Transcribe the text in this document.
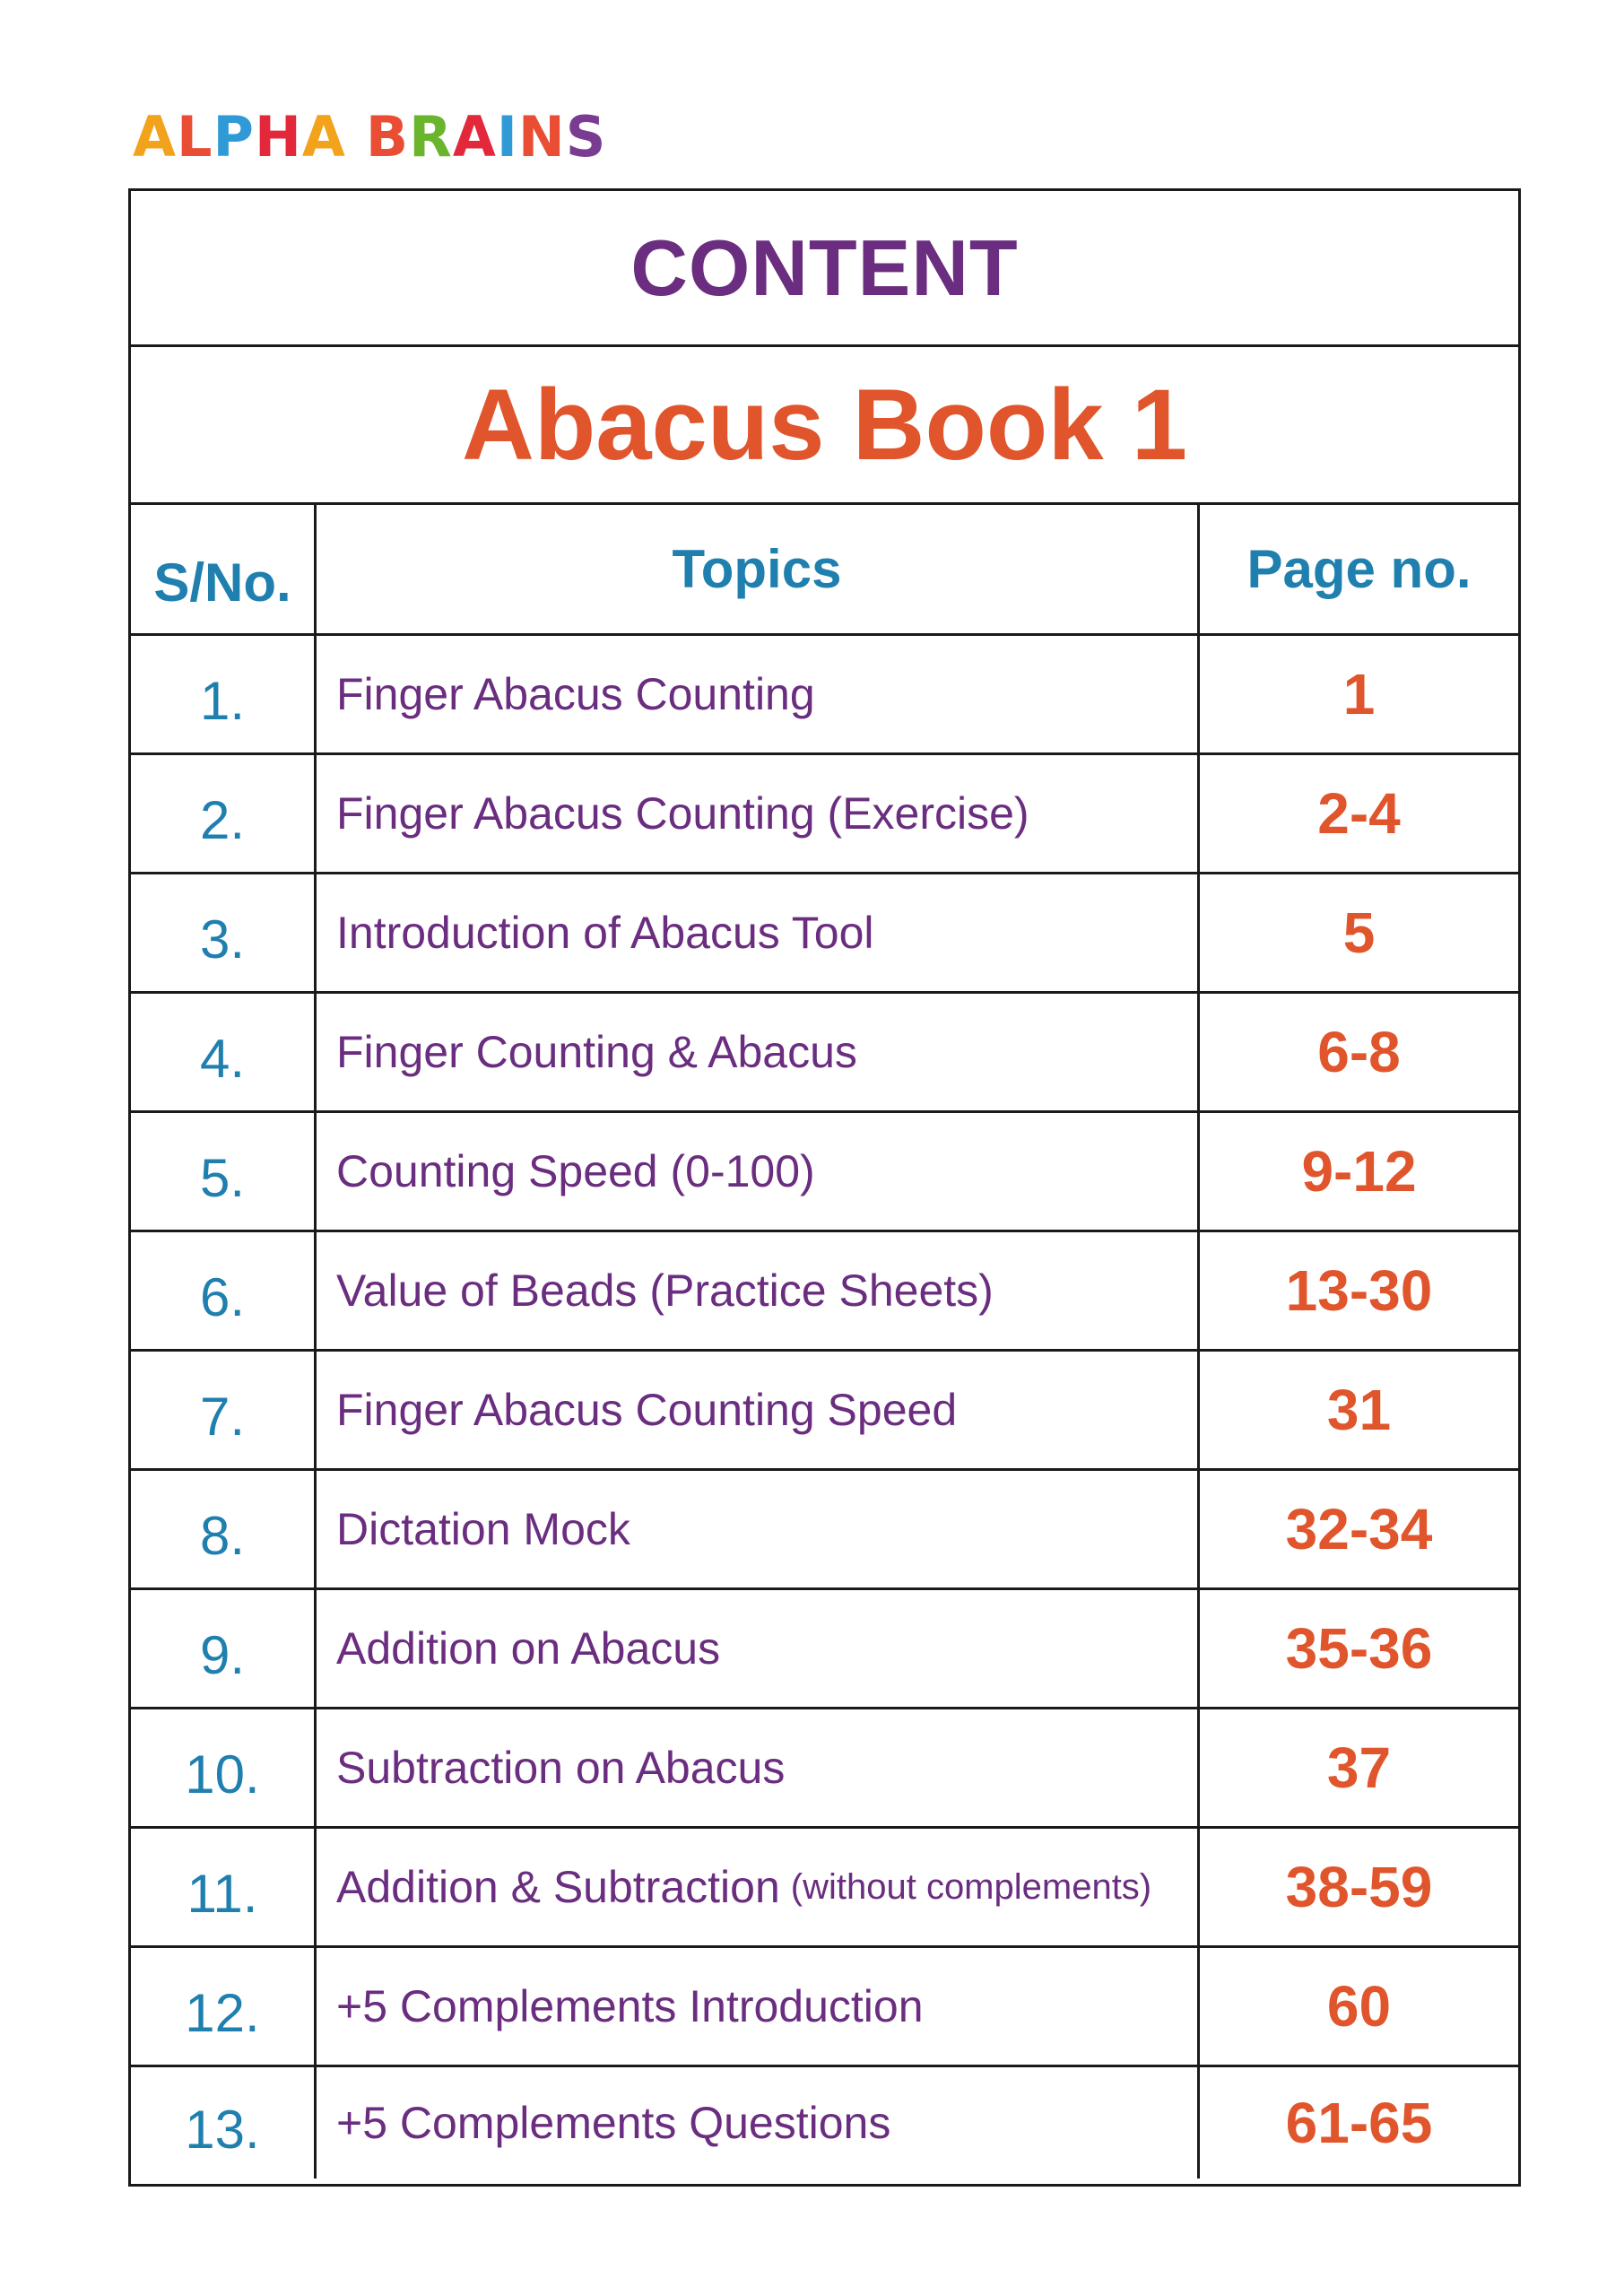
ALPHA BRAINS
CONTENT
Abacus Book 1
S/No.	Topics	Page no.
1.	Finger Abacus Counting	1
2.	Finger Abacus Counting (Exercise)	2-4
3.	Introduction of Abacus Tool	5
4.	Finger Counting & Abacus	6-8
5.	Counting Speed (0-100)	9-12
6.	Value of Beads (Practice Sheets)	13-30
7.	Finger Abacus Counting Speed	31
8.	Dictation Mock	32-34
9.	Addition on Abacus	35-36
10.	Subtraction on Abacus	37
11.	Addition & Subtraction (without complements)	38-59
12.	+5 Complements Introduction	60
13.	+5 Complements Questions	61-65
